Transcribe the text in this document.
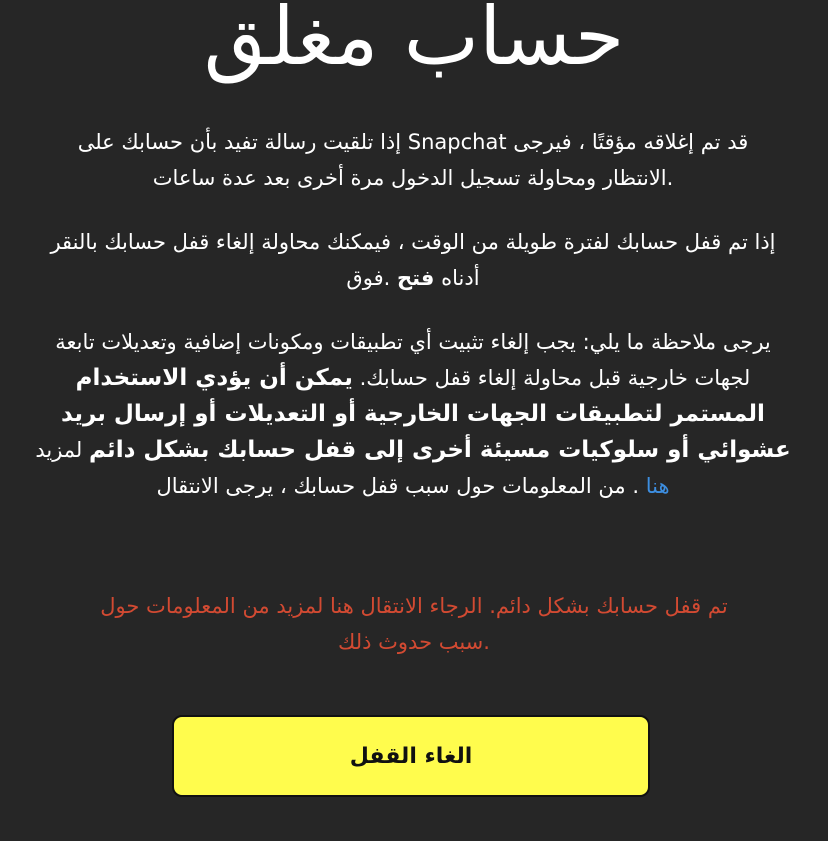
حساب مغلق

قد تم إغلاقه مؤقتًا ، فيرجى Snapchat إذا تلقيت رسالة تفيد بأن حسابك على
.الانتظار ومحاولة تسجيل الدخول مرة أخرى بعد عدة ساعات

إذا تم قفل حسابك لفترة طويلة من الوقت ، فيمكنك محاولة إلغاء قفل حسابك بالنقر
أدناه فتح .فوق

يرجى ملاحظة ما يلي: يجب إلغاء تثبيت أي تطبيقات ومكونات إضافية وتعديلات تابعة لجهات خارجية قبل محاولة إلغاء قفل حسابك. يمكن أن يؤدي الاستخدام المستمر لتطبيقات الجهات الخارجية أو التعديلات أو إرسال بريد عشوائي أو سلوكيات مسيئة أخرى إلى قفل حسابك بشكل دائم لمزيد
هنا . من المعلومات حول سبب قفل حسابك ، يرجى الانتقال

تم قفل حسابك بشكل دائم. الرجاء الانتقال هنا لمزيد من المعلومات حول
.سبب حدوث ذلك

الغاء القفل
